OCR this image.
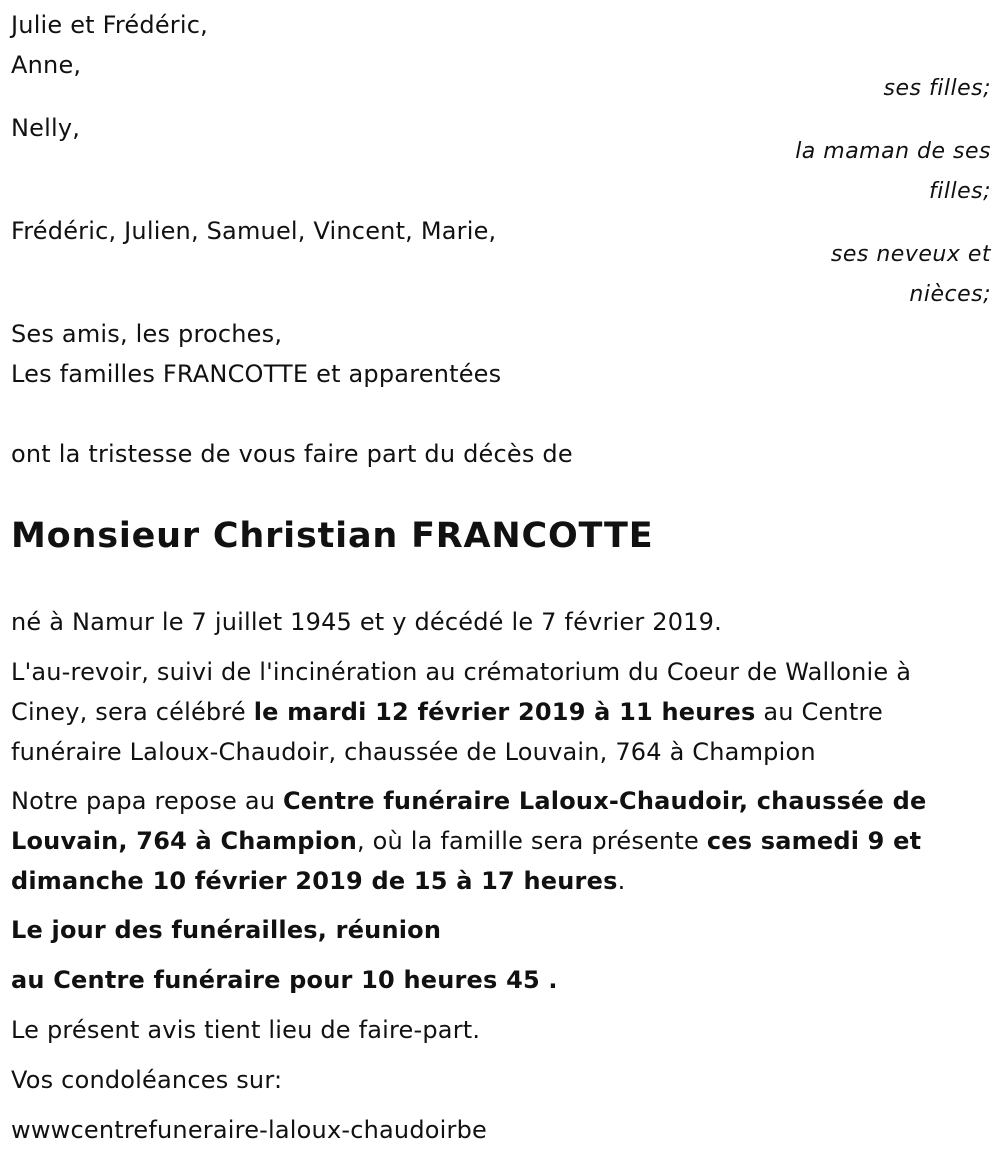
Julie et Frédéric,
Anne,
ses filles;
Nelly,
la maman de ses filles;
Frédéric, Julien, Samuel, Vincent, Marie,
ses neveux et nièces;
Ses amis, les proches,
Les familles FRANCOTTE et apparentées
ont la tristesse de vous faire part du décès de
Monsieur Christian FRANCOTTE
né à Namur le 7 juillet 1945 et y décédé le 7 février 2019.
L'au-revoir, suivi de l'incinération au crématorium du Coeur de Wallonie à Ciney, sera célébré le mardi 12 février 2019 à 11 heures au Centre funéraire Laloux-Chaudoir, chaussée de Louvain, 764 à Champion
Notre papa repose au Centre funéraire Laloux-Chaudoir, chaussée de Louvain, 764 à Champion, où la famille sera présente ces samedi 9 et dimanche 10 février 2019 de 15 à 17 heures.
Le jour des funérailles, réunion
au Centre funéraire pour 10 heures 45 .
Le présent avis tient lieu de faire-part.
Vos condoléances sur:
wwwcentrefuneraire-laloux-chaudoirbe
